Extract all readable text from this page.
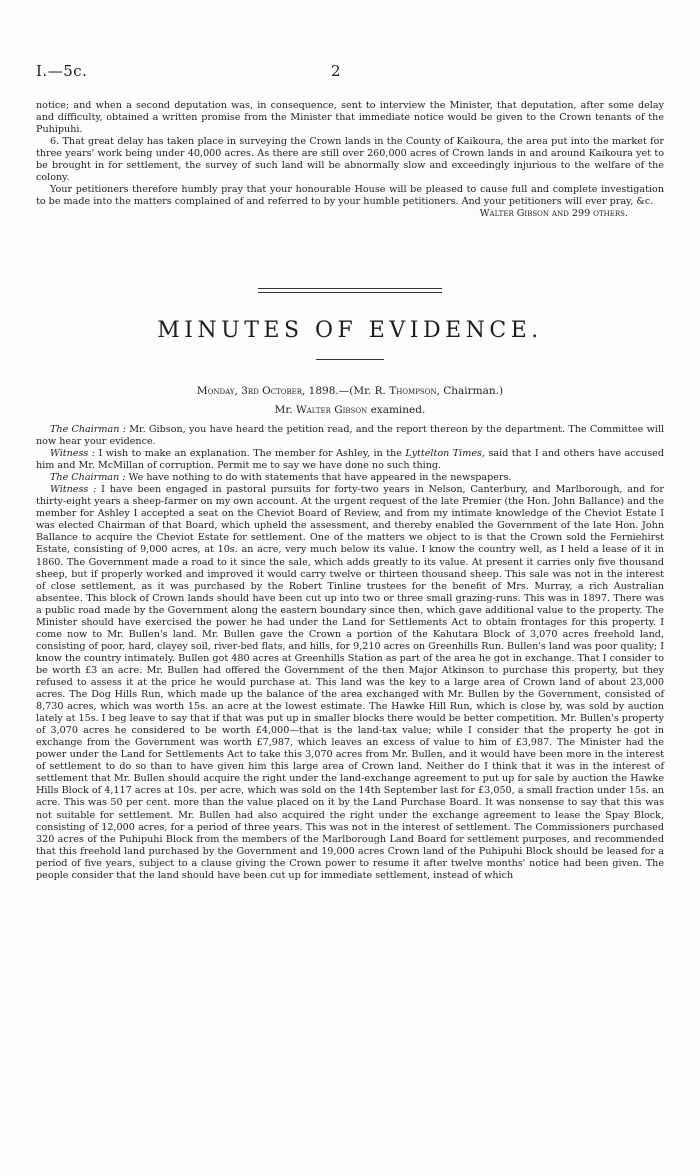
I.—5c.	2

notice; and when a second deputation was, in consequence, sent to interview the Minister, that deputation, after some delay and difficulty, obtained a written promise from the Minister that immediate notice would be given to the Crown tenants of the Puhipuhi.

6. That great delay has taken place in surveying the Crown lands in the County of Kaikoura, the area put into the market for three years' work being under 40,000 acres. As there are still over 260,000 acres of Crown lands in and around Kaikoura yet to be brought in for settlement, the survey of such land will be abnormally slow and exceedingly injurious to the welfare of the colony.

Your petitioners therefore humbly pray that your honourable House will be pleased to cause full and complete investigation to be made into the matters complained of and referred to by your humble petitioners. And your petitioners will ever pray, &c.

Walter Gibson and 299 others.

MINUTES OF EVIDENCE.
Monday, 3rd October, 1898.—(Mr. R. Thompson, Chairman.)
Mr. Walter Gibson examined.

The Chairman : Mr. Gibson, you have heard the petition read, and the report thereon by the department. The Committee will now hear your evidence.

Witness : I wish to make an explanation. The member for Ashley, in the Lyttelton Times, said that I and others have accused him and Mr. McMillan of corruption. Permit me to say we have done no such thing.

The Chairman : We have nothing to do with statements that have appeared in the newspapers.

Witness : I have been engaged in pastoral pursuits for forty-two years in Nelson, Canterbury, and Marlborough, and for thirty-eight years a sheep-farmer on my own account. At the urgent request of the late Premier (the Hon. John Ballance) and the member for Ashley I accepted a seat on the Cheviot Board of Review, and from my intimate knowledge of the Cheviot Estate I was elected Chairman of that Board, which upheld the assessment, and thereby enabled the Government of the late Hon. John Ballance to acquire the Cheviot Estate for settlement. One of the matters we object to is that the Crown sold the Ferniehirst Estate, consisting of 9,000 acres, at 10s. an acre, very much below its value. I know the country well, as I held a lease of it in 1860. The Government made a road to it since the sale, which adds greatly to its value. At present it carries only five thousand sheep, but if properly worked and improved it would carry twelve or thirteen thousand sheep. This sale was not in the interest of close settlement, as it was purchased by the Robert Tinline trustees for the benefit of Mrs. Murray, a rich Australian absentee. This block of Crown lands should have been cut up into two or three small grazing-runs. This was in 1897. There was a public road made by the Government along the eastern boundary since then, which gave additional value to the property. The Minister should have exercised the power he had under the Land for Settlements Act to obtain frontages for this property. I come now to Mr. Bullen's land. Mr. Bullen gave the Crown a portion of the Kahutara Block of 3,070 acres freehold land, consisting of poor, hard, clayey soil, river-bed flats, and hills, for 9,210 acres on Greenhills Run. Bullen's land was poor quality; I know the country intimately. Bullen got 480 acres at Greenhills Station as part of the area he got in exchange. That I consider to be worth £3 an acre. Mr. Bullen had offered the Government of the then Major Atkinson to purchase this property, but they refused to assess it at the price he would purchase at. This land was the key to a large area of Crown land of about 23,000 acres. The Dog Hills Run, which made up the balance of the area exchanged with Mr. Bullen by the Government, consisted of 8,730 acres, which was worth 15s. an acre at the lowest estimate. The Hawke Hill Run, which is close by, was sold by auction lately at 15s. I beg leave to say that if that was put up in smaller blocks there would be better competition. Mr. Bullen's property of 3,070 acres he considered to be worth £4,000—that is the land-tax value; while I consider that the property he got in exchange from the Government was worth £7,987, which leaves an excess of value to him of £3,987. The Minister had the power under the Land for Settlements Act to take this 3,070 acres from Mr. Bullen, and it would have been more in the interest of settlement to do so than to have given him this large area of Crown land. Neither do I think that it was in the interest of settlement that Mr. Bullen should acquire the right under the land-exchange agreement to put up for sale by auction the Hawke Hills Block of 4,117 acres at 10s. per acre, which was sold on the 14th September last for £3,050, a small fraction under 15s. an acre. This was 50 per cent. more than the value placed on it by the Land Purchase Board. It was nonsense to say that this was not suitable for settlement. Mr. Bullen had also acquired the right under the exchange agreement to lease the Spay Block, consisting of 12,000 acres, for a period of three years. This was not in the interest of settlement. The Commissioners purchased 320 acres of the Puhipuhi Block from the members of the Marlborough Land Board for settlement purposes, and recommended that this freehold land purchased by the Government and 19,000 acres Crown land of the Puhipuhi Block should be leased for a period of five years, subject to a clause giving the Crown power to resume it after twelve months' notice had been given. The people consider that the land should have been cut up for immediate settlement, instead of which
